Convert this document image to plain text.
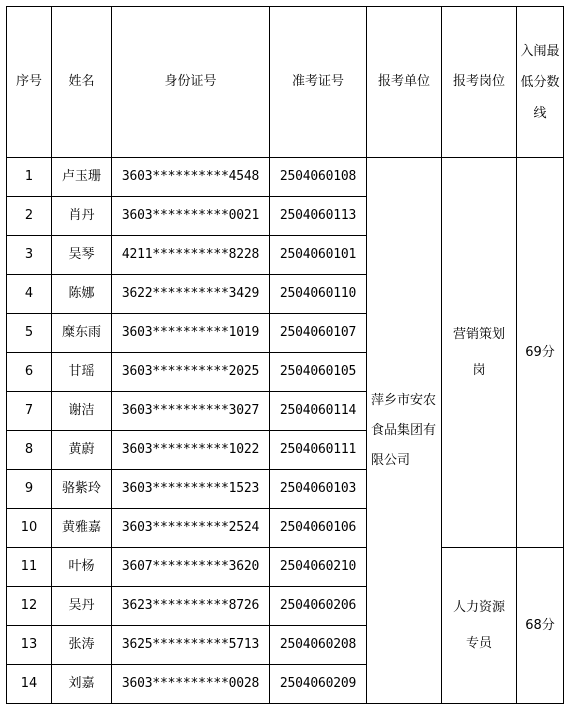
序号	姓名	身份证号	准考证号	报考单位	报考岗位	入闱最低分数线
1	卢玉珊	3603**********4548	2504060108	萍乡市安农食品集团有限公司	营销策划岗	69分
2	肖丹	3603**********0021	2504060113			
3	吴琴	4211**********8228	2504060101			
4	陈娜	3622**********3429	2504060110			
5	糜东雨	3603**********1019	2504060107			
6	甘瑶	3603**********2025	2504060105			
7	谢洁	3603**********3027	2504060114			
8	黄蔚	3603**********1022	2504060111			
9	骆紫玲	3603**********1523	2504060103			
10	黄雅嘉	3603**********2524	2504060106			
11	叶杨	3607**********3620	2504060210		人力资源专员	68分
12	吴丹	3623**********8726	2504060206			
13	张涛	3625**********5713	2504060208			
14	刘嘉	3603**********0028	2504060209			
